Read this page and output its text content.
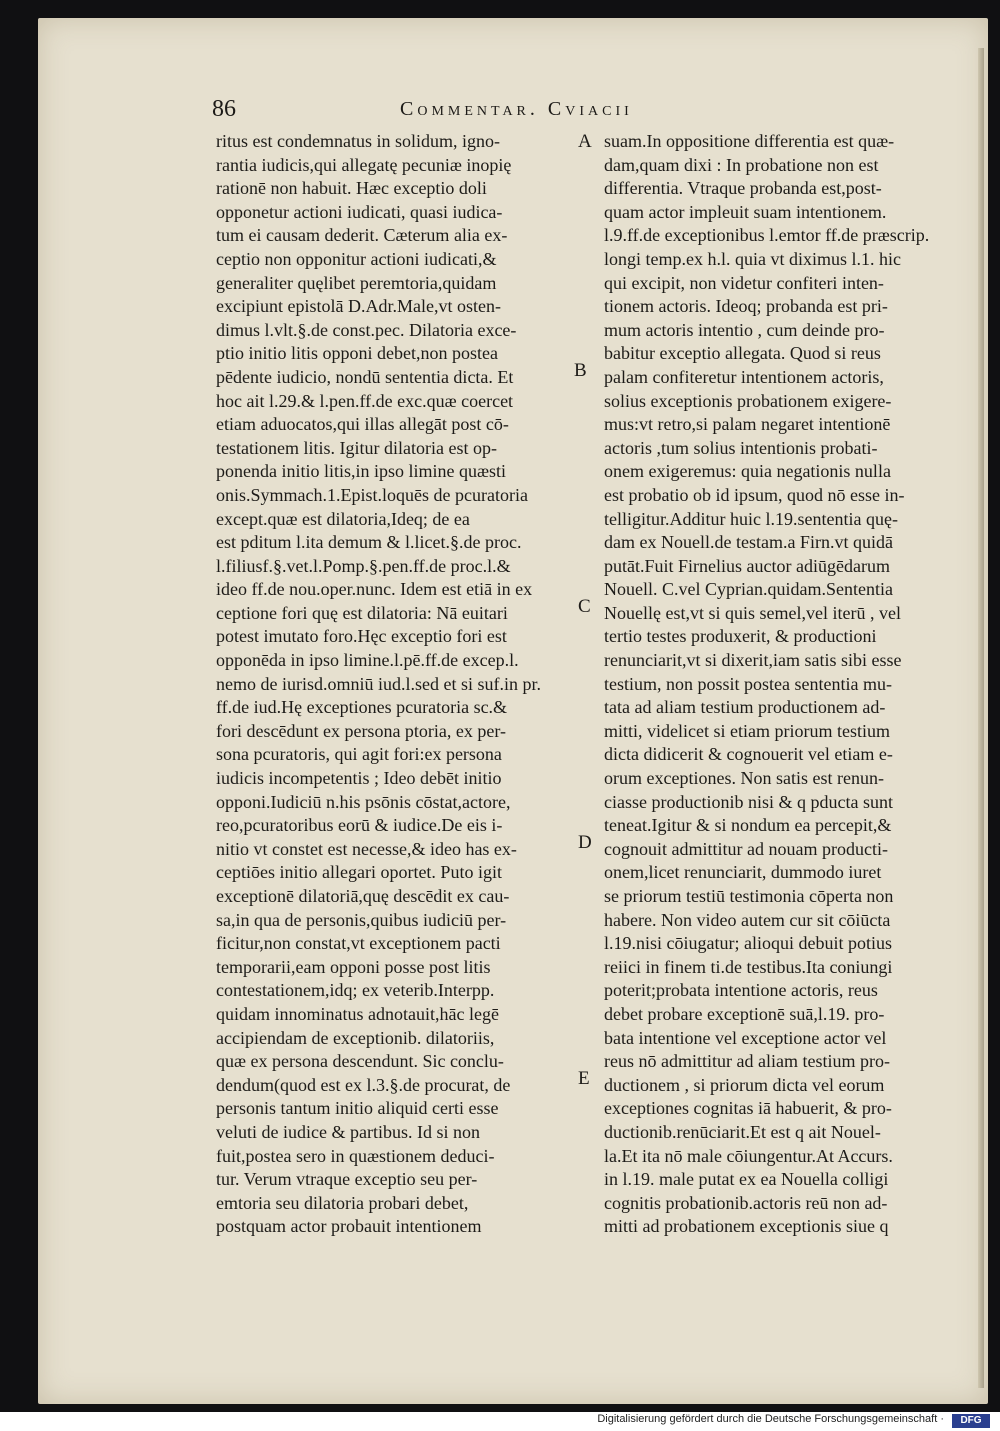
86	Commentar. Cviacii
ritus est condemnatus in solidum, igno-
rantia iudicis,qui allegatę pecuniæ inopię
rationē non habuit. Hæc exceptio doli
opponetur actioni iudicati, quasi iudica-
tum ei causam dederit. Cæterum alia ex-
ceptio non opponitur actioni iudicati,&
generaliter quęlibet peremtoria,quidam
excipiunt epistolā D.Adr.Male,vt osten-
dimus l.vlt.§.de const.pec. Dilatoria exce-
ptio initio litis opponi debet,non postea
pēdente iudicio, nondū sententia dicta. Et
hoc ait l.29.& l.pen.ff.de exc.quæ coercet
etiam aduocatos,qui illas allegāt post cō-
testationem litis. Igitur dilatoria est op-
ponenda initio litis,in ipso limine quæsti
onis.Symmach.1.Epist.loquēs de pcuratoria
except.quæ est dilatoria,Ideq; de ea
est pditum l.ita demum & l.licet.§.de proc.
l.filiusf.§.vet.l.Pomp.§.pen.ff.de proc.l.&
ideo ff.de nou.oper.nunc. Idem est etiā in ex
ceptione fori quę est dilatoria: Nā euitari
potest imutato foro.Hęc exceptio fori est
opponēda in ipso limine.l.pē.ff.de excep.l.
nemo de iurisd.omniū iud.l.sed et si suf.in pr.
ff.de iud.Hę exceptiones pcuratoria sc.&
fori descēdunt ex persona ptoria, ex per-
sona pcuratoris, qui agit fori:ex persona
iudicis incompetentis ; Ideo debēt initio
opponi.Iudiciū n.his psōnis cōstat,actore,
reo,pcuratoribus eorū & iudice.De eis i-
nitio vt constet est necesse,& ideo has ex-
ceptiōes initio allegari oportet. Puto igit
exceptionē dilatoriā,quę descēdit ex cau-
sa,in qua de personis,quibus iudiciū per-
ficitur,non constat,vt exceptionem pacti
temporarii,eam opponi posse post litis
contestationem,idq; ex veterib.Interpp.
quidam innominatus adnotauit,hāc legē
accipiendam de exceptionib. dilatoriis,
quæ ex persona descendunt. Sic conclu-
dendum(quod est ex l.3.§.de procurat, de
personis tantum initio aliquid certi esse
veluti de iudice & partibus. Id si non
fuit,postea sero in quæstionem deduci-
tur. Verum vtraque exceptio seu per-
emtoria seu dilatoria probari debet,
postquam actor probauit intentionem
suam.In oppositione differentia est quæ-
dam,quam dixi : In probatione non est
differentia. Vtraque probanda est,post-
quam actor impleuit suam intentionem.
l.9.ff.de exceptionibus l.emtor ff.de præscrip.
longi temp.ex h.l. quia vt diximus l.1. hic
qui excipit, non videtur confiteri inten-
tionem actoris. Ideoq; probanda est pri-
mum actoris intentio , cum deinde pro-
babitur exceptio allegata. Quod si reus
palam confiteretur intentionem actoris,
solius exceptionis probationem exigere-
mus:vt retro,si palam negaret intentionē
actoris ,tum solius intentionis probati-
onem exigeremus: quia negationis nulla
est probatio ob id ipsum, quod nō esse in-
telligitur.Additur huic l.19.sententia quę-
dam ex Nouell.de testam.a Firn.vt quidā
putāt.Fuit Firnelius auctor adiūgēdarum
Nouell. C.vel Cyprian.quidam.Sententia
Nouellę est,vt si quis semel,vel iterū , vel
tertio testes produxerit, & productioni
renunciarit,vt si dixerit,iam satis sibi esse
testium, non possit postea sententia mu-
tata ad aliam testium productionem ad-
mitti, videlicet si etiam priorum testium
dicta didicerit & cognouerit vel etiam e-
orum exceptiones. Non satis est renun-
ciasse productionib nisi & q pducta sunt
teneat.Igitur & si nondum ea percepit,&
cognouit admittitur ad nouam producti-
onem,licet renunciarit, dummodo iuret
se priorum testiū testimonia cōperta non
habere. Non video autem cur sit cōiūcta
l.19.nisi cōiugatur; alioqui debuit potius
reiici in finem ti.de testibus.Ita coniungi
poterit;probata intentione actoris, reus
debet probare exceptionē suā,l.19. pro-
bata intentione vel exceptione actor vel
reus nō admittitur ad aliam testium pro-
ductionem , si priorum dicta vel eorum
exceptiones cognitas iā habuerit, & pro-
ductionib.renūciarit.Et est q ait Nouel-
la.Et ita nō male cōiungentur.At Accurs.
in l.19. male putat ex ea Nouella colligi
cognitis probationib.actoris reū non ad-
mitti ad probationem exceptionis siue q
A
B
C
D
E
Digitalisierung gefördert durch die Deutsche Forschungsgemeinschaft ·	DFG
